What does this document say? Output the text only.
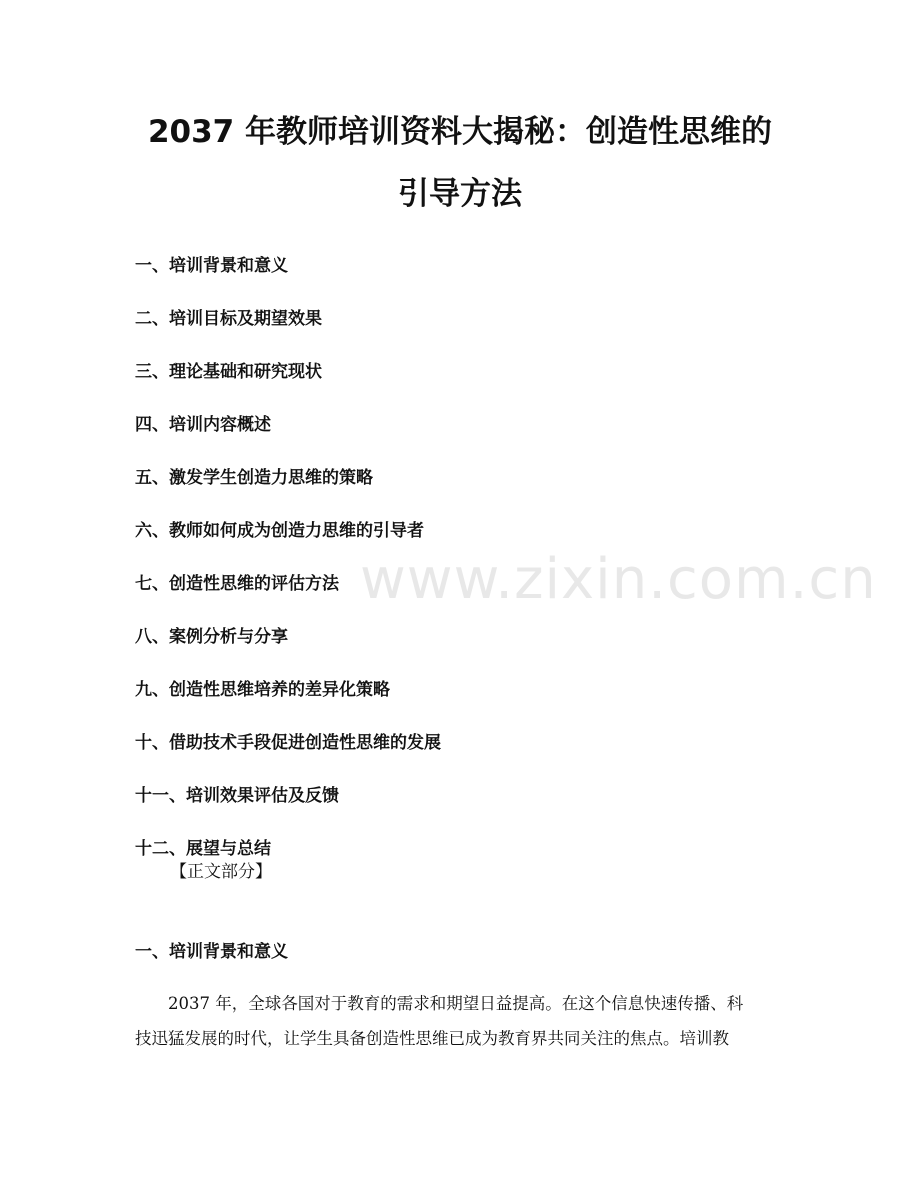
2037 年教师培训资料大揭秘：创造性思维的
引导方法
一、培训背景和意义
二、培训目标及期望效果
三、理论基础和研究现状
四、培训内容概述
五、激发学生创造力思维的策略
六、教师如何成为创造力思维的引导者
七、创造性思维的评估方法
八、案例分析与分享
九、创造性思维培养的差异化策略
十、借助技术手段促进创造性思维的发展
十一、培训效果评估及反馈
十二、展望与总结
【正文部分】
一、培训背景和意义
2037 年，全球各国对于教育的需求和期望日益提高。在这个信息快速传播、科
技迅猛发展的时代，让学生具备创造性思维已成为教育界共同关注的焦点。培训教
www.zixin.com.cn
